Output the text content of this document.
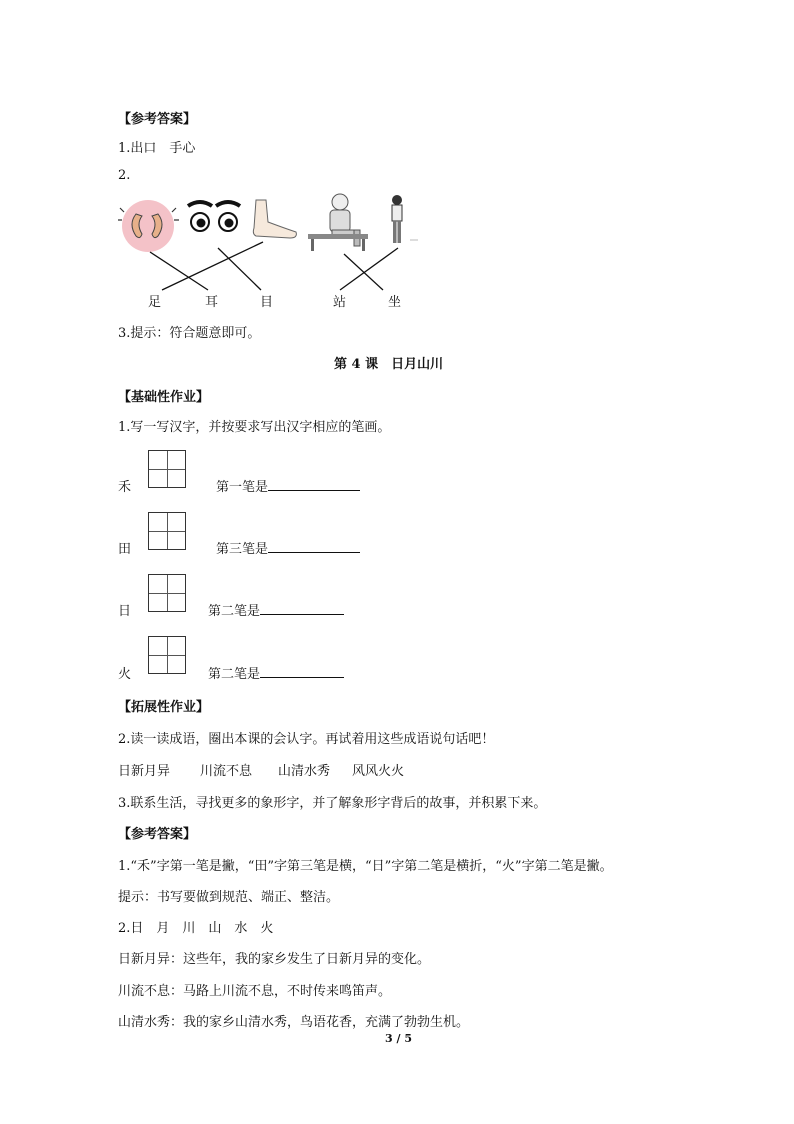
【参考答案】
1.出口　手心
2.
足	耳	目	站	坐
3.提示：符合题意即可。
第 4 课　日月山川
【基础性作业】
1.写一写汉字，并按要求写出汉字相应的笔画。
禾	第一笔是
田	第三笔是
日	第二笔是
火	第二笔是
【拓展性作业】
2.读一读成语，圈出本课的会认字。再试着用这些成语说句话吧！
日新月异 川流不息 山清水秀 风风火火
3.联系生活，寻找更多的象形字，并了解象形字背后的故事，并积累下来。
【参考答案】
1.“禾”字第一笔是撇，“田”字第三笔是横，“日”字第二笔是横折，“火”字第二笔是撇。
提示：书写要做到规范、端正、整洁。
2.日　月　川　山　水　火
日新月异：这些年，我的家乡发生了日新月异的变化。
川流不息：马路上川流不息，不时传来鸣笛声。
山清水秀：我的家乡山清水秀，鸟语花香，充满了勃勃生机。
3 / 5
